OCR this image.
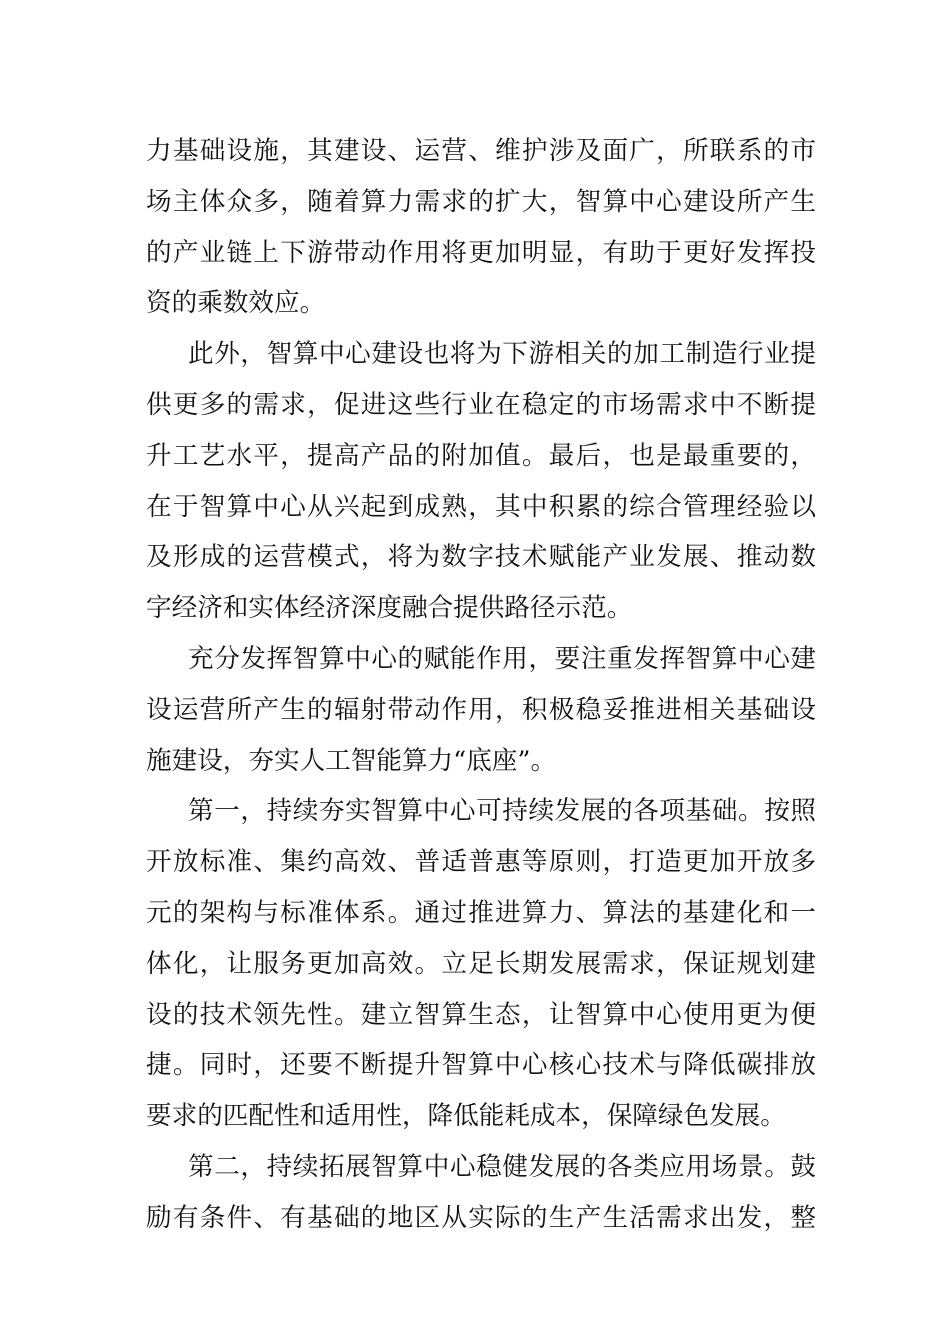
力基础设施，其建设、运营、维护涉及面广，所联系的市
场主体众多，随着算力需求的扩大，智算中心建设所产生
的产业链上下游带动作用将更加明显，有助于更好发挥投
资的乘数效应。
此外，智算中心建设也将为下游相关的加工制造行业提
供更多的需求，促进这些行业在稳定的市场需求中不断提
升工艺水平，提高产品的附加值。最后，也是最重要的，
在于智算中心从兴起到成熟，其中积累的综合管理经验以
及形成的运营模式，将为数字技术赋能产业发展、推动数
字经济和实体经济深度融合提供路径示范。
充分发挥智算中心的赋能作用，要注重发挥智算中心建
设运营所产生的辐射带动作用，积极稳妥推进相关基础设
施建设，夯实人工智能算力“底座”。
第一，持续夯实智算中心可持续发展的各项基础。按照
开放标准、集约高效、普适普惠等原则，打造更加开放多
元的架构与标准体系。通过推进算力、算法的基建化和一
体化，让服务更加高效。立足长期发展需求，保证规划建
设的技术领先性。建立智算生态，让智算中心使用更为便
捷。同时，还要不断提升智算中心核心技术与降低碳排放
要求的匹配性和适用性，降低能耗成本，保障绿色发展。
第二，持续拓展智算中心稳健发展的各类应用场景。鼓
励有条件、有基础的地区从实际的生产生活需求出发，整
